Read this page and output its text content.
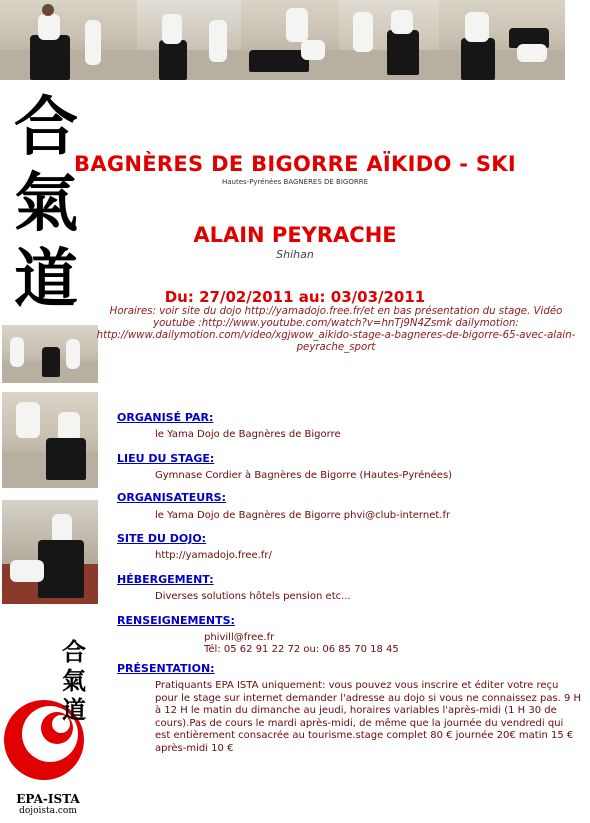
合
氣
道
合
氣
道
EPA-ISTA
dojoista.com
BAGNÈRES DE BIGORRE AÏKIDO - SKI
Hautes-Pyrénées BAGNÈRES DE BIGORRE
ALAIN PEYRACHE
Shihan
Du: 27/02/2011 au: 03/03/2011
Horaires: voir site du dojo http://yamadojo.free.fr/et en bas présentation du stage. Vidéo
youtube :http://www.youtube.com/watch?v=hnTj9N4Zsmk dailymotion:
http://www.dailymotion.com/video/xgjwow_aikido-stage-a-bagneres-de-bigorre-65-avec-alain-
peyrache_sport
ORGANISÉ PAR:
le Yama Dojo de Bagnères de Bigorre
LIEU DU STAGE:
Gymnase Cordier à Bagnères de Bigorre (Hautes-Pyrénées)
ORGANISATEURS:
le Yama Dojo de Bagnères de Bigorre phvi@club-internet.fr
SITE DU DOJO:
http://yamadojo.free.fr/
HÉBERGEMENT:
Diverses solutions hôtels pension etc...
RENSEIGNEMENTS:
phivill@free.fr
Tél: 05 62 91 22 72 ou: 06 85 70 18 45
PRÉSENTATION:
Pratiquants EPA ISTA uniquement: vous pouvez vous inscrire et éditer votre reçu
pour le stage sur internet demander l'adresse au dojo si vous ne connaissez pas. 9 H
à 12 H le matin du dimanche au jeudi, horaires variables l'après-midi (1 H 30 de
cours).Pas de cours le mardi après-midi, de même que la journée du vendredi qui
est entièrement consacrée au tourisme.stage complet 80 € journée 20€ matin 15 €
après-midi 10 €
